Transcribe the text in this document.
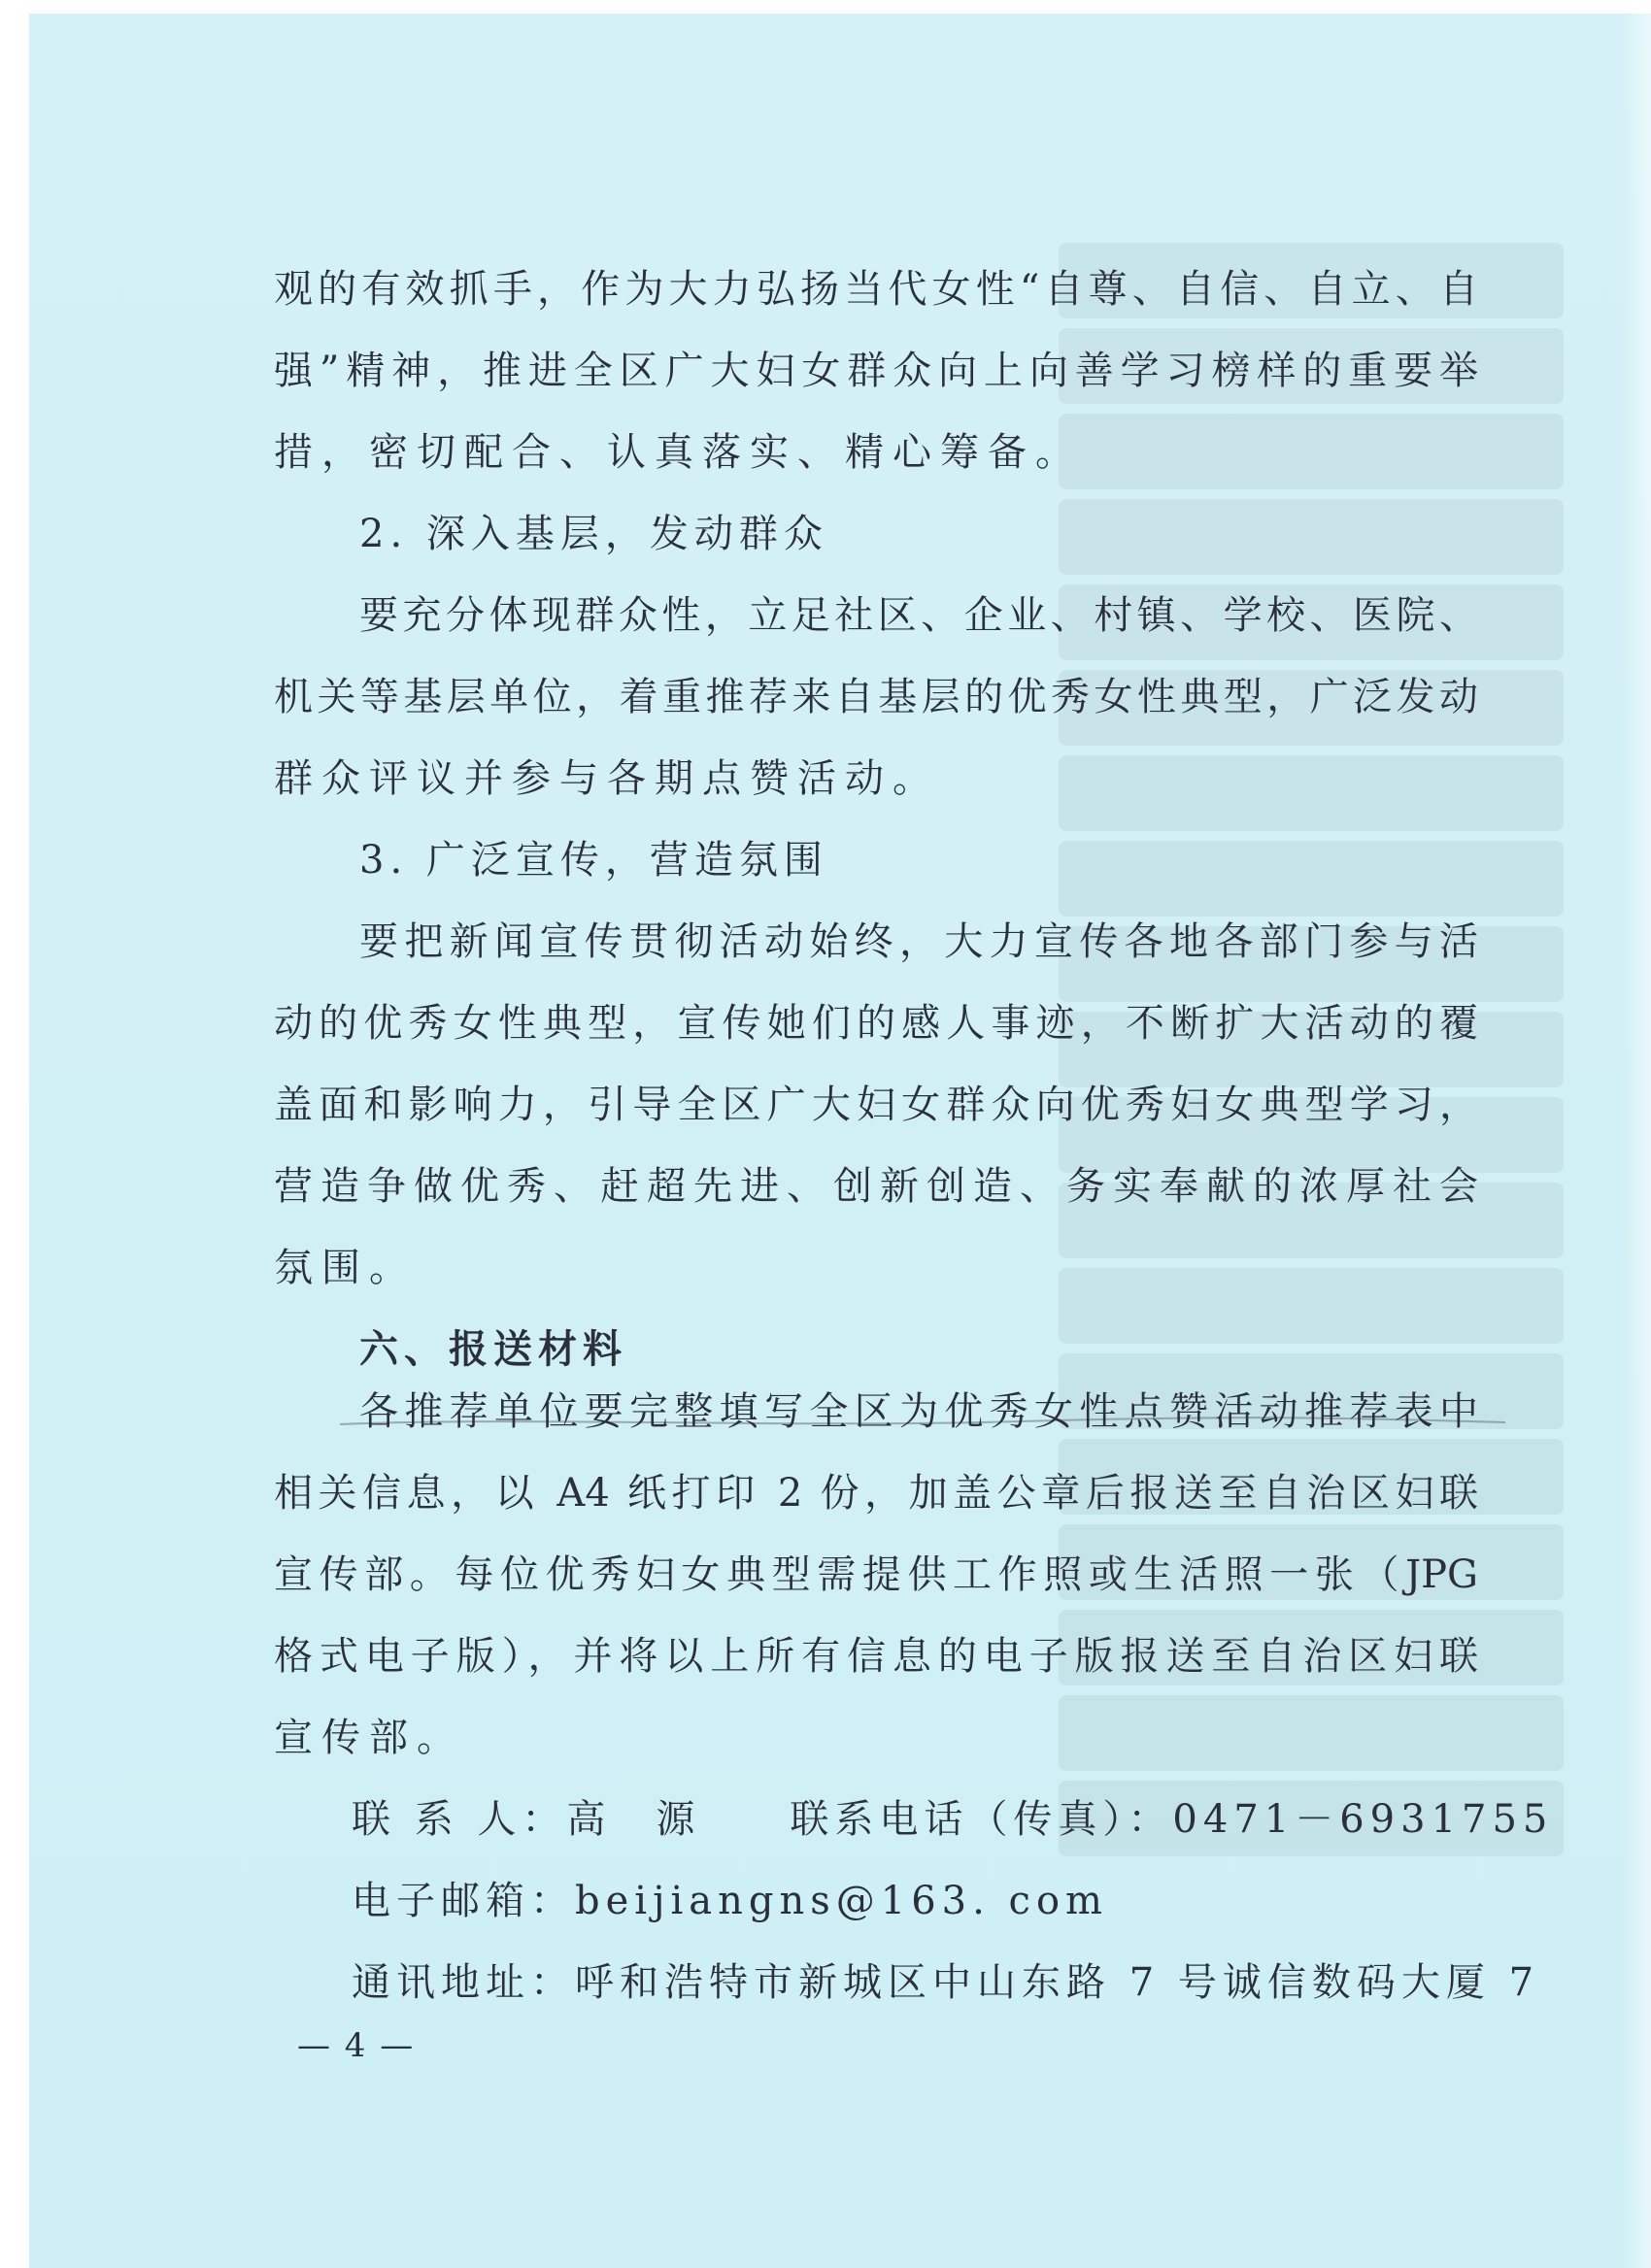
观的有效抓手，作为大力弘扬当代女性“自尊、自信、自立、自
强”精神，推进全区广大妇女群众向上向善学习榜样的重要举
措，密切配合、认真落实、精心筹备。
2. 深入基层，发动群众
要充分体现群众性，立足社区、企业、村镇、学校、医院、
机关等基层单位，着重推荐来自基层的优秀女性典型，广泛发动
群众评议并参与各期点赞活动。
3. 广泛宣传，营造氛围
要把新闻宣传贯彻活动始终，大力宣传各地各部门参与活
动的优秀女性典型，宣传她们的感人事迹，不断扩大活动的覆
盖面和影响力，引导全区广大妇女群众向优秀妇女典型学习，
营造争做优秀、赶超先进、创新创造、务实奉献的浓厚社会
氛围。
六、报送材料
各推荐单位要完整填写全区为优秀女性点赞活动推荐表中
相关信息，以 A4 纸打印 2 份，加盖公章后报送至自治区妇联
宣传部。每位优秀妇女典型需提供工作照或生活照一张（JPG
格式电子版），并将以上所有信息的电子版报送至自治区妇联
宣传部。
联 系 人：高　源　　联系电话（传真）：0471－6931755
电子邮箱：beijiangns@163. com
通讯地址：呼和浩特市新城区中山东路 7 号诚信数码大厦 7
— 4 —
